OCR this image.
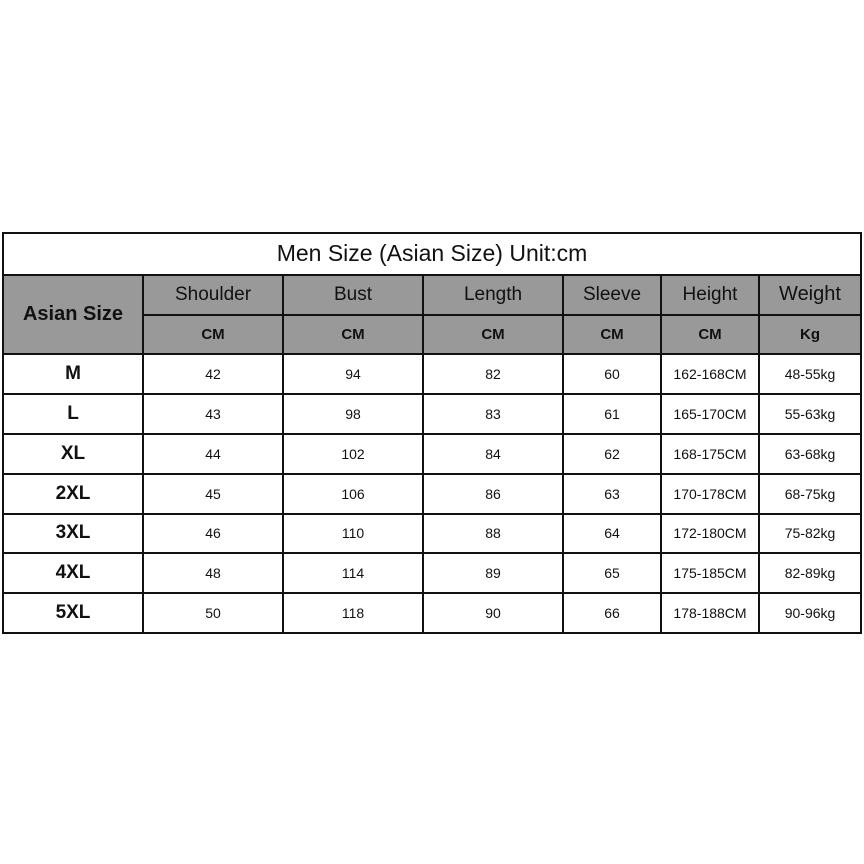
Men Size (Asian Size) Unit:cm						
Asian Size	Shoulder	Bust	Length	Sleeve	Height	Weight
	CM	CM	CM	CM	CM	Kg
M	42	94	82	60	162-168CM	48-55kg
L	43	98	83	61	165-170CM	55-63kg
XL	44	102	84	62	168-175CM	63-68kg
2XL	45	106	86	63	170-178CM	68-75kg
3XL	46	110	88	64	172-180CM	75-82kg
4XL	48	114	89	65	175-185CM	82-89kg
5XL	50	118	90	66	178-188CM	90-96kg
